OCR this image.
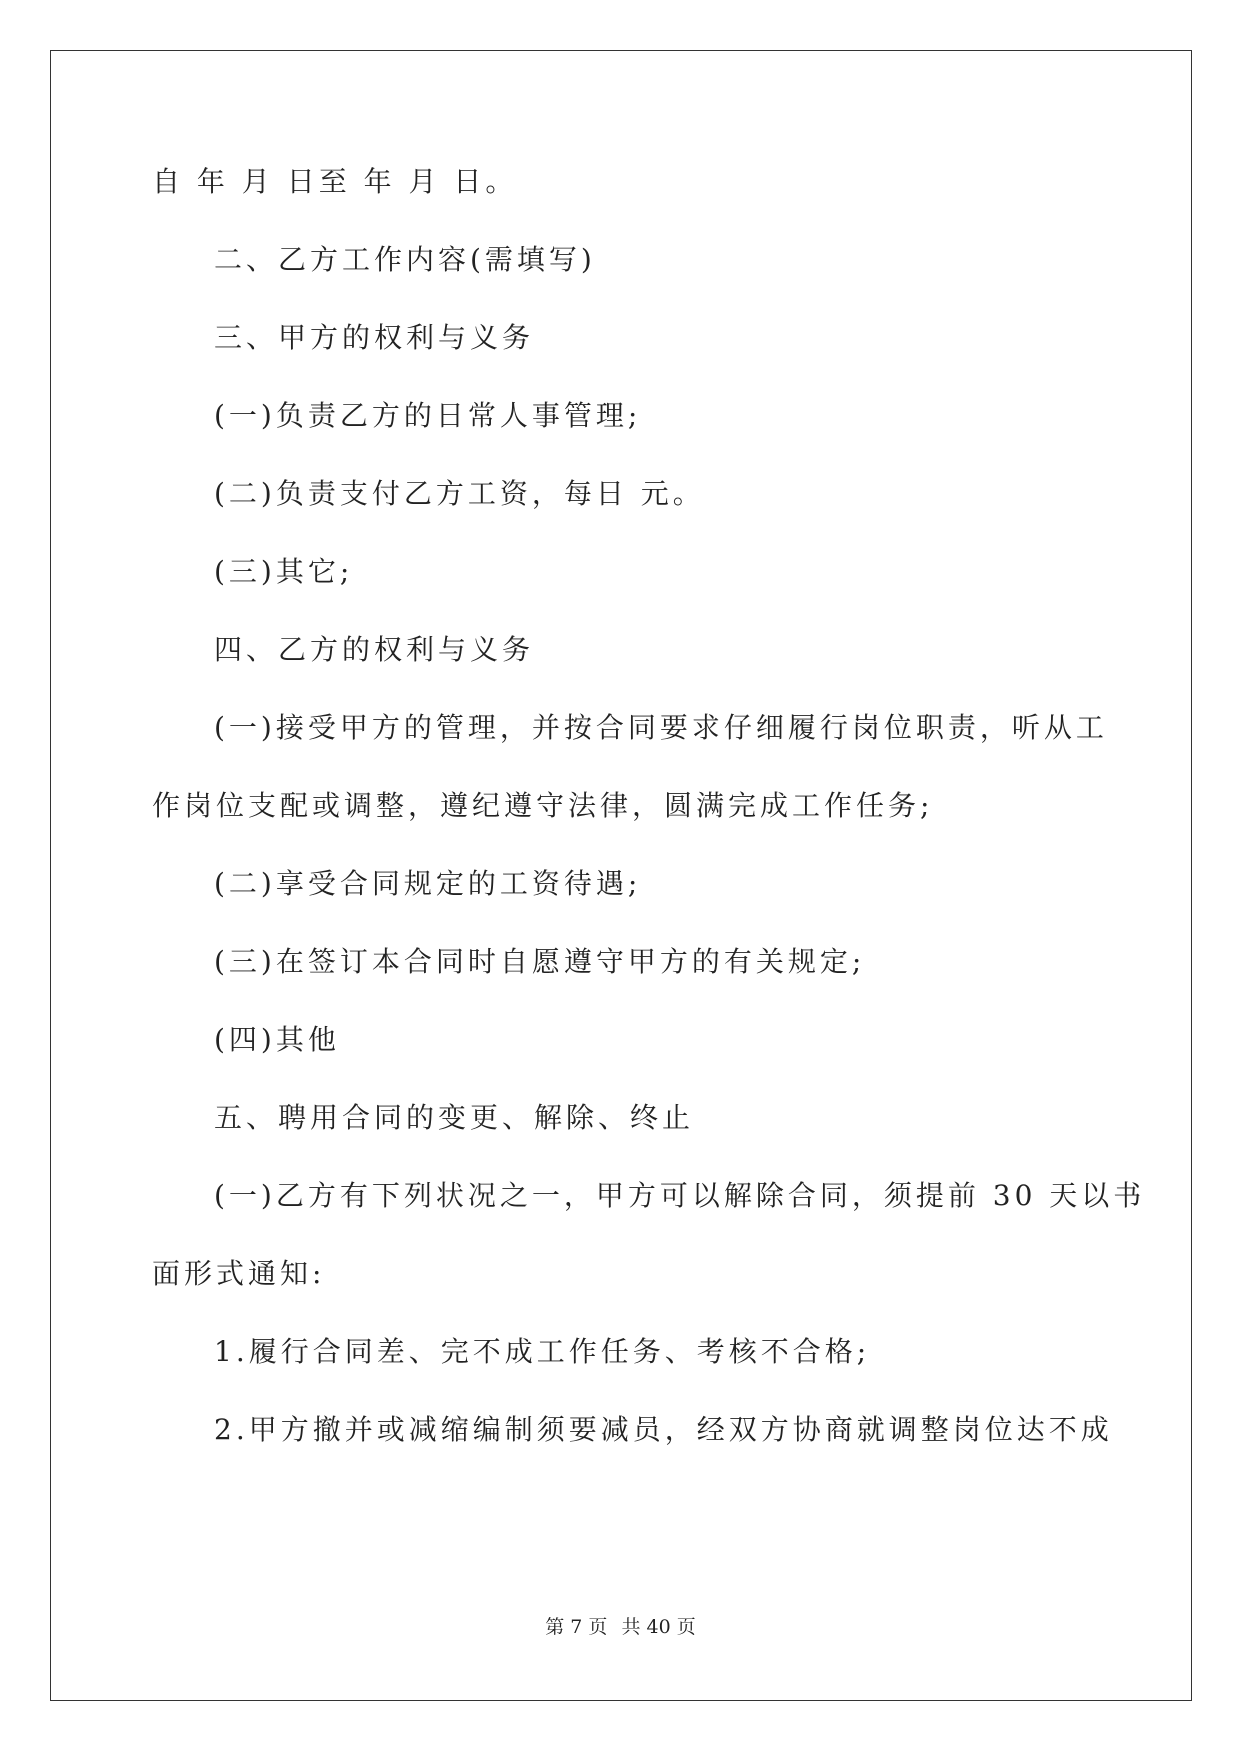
自 年 月 日至 年 月 日。

二、乙方工作内容(需填写)

三、甲方的权利与义务

(一)负责乙方的日常人事管理;

(二)负责支付乙方工资，每日 元。

(三)其它;

四、乙方的权利与义务

(一)接受甲方的管理，并按合同要求仔细履行岗位职责，听从工

作岗位支配或调整，遵纪遵守法律，圆满完成工作任务;

(二)享受合同规定的工资待遇;

(三)在签订本合同时自愿遵守甲方的有关规定;

(四)其他

五、聘用合同的变更、解除、终止

(一)乙方有下列状况之一，甲方可以解除合同，须提前 30 天以书

面形式通知:

1.履行合同差、完不成工作任务、考核不合格;

2.甲方撤并或减缩编制须要减员，经双方协商就调整岗位达不成

第 7 页 共 40 页
